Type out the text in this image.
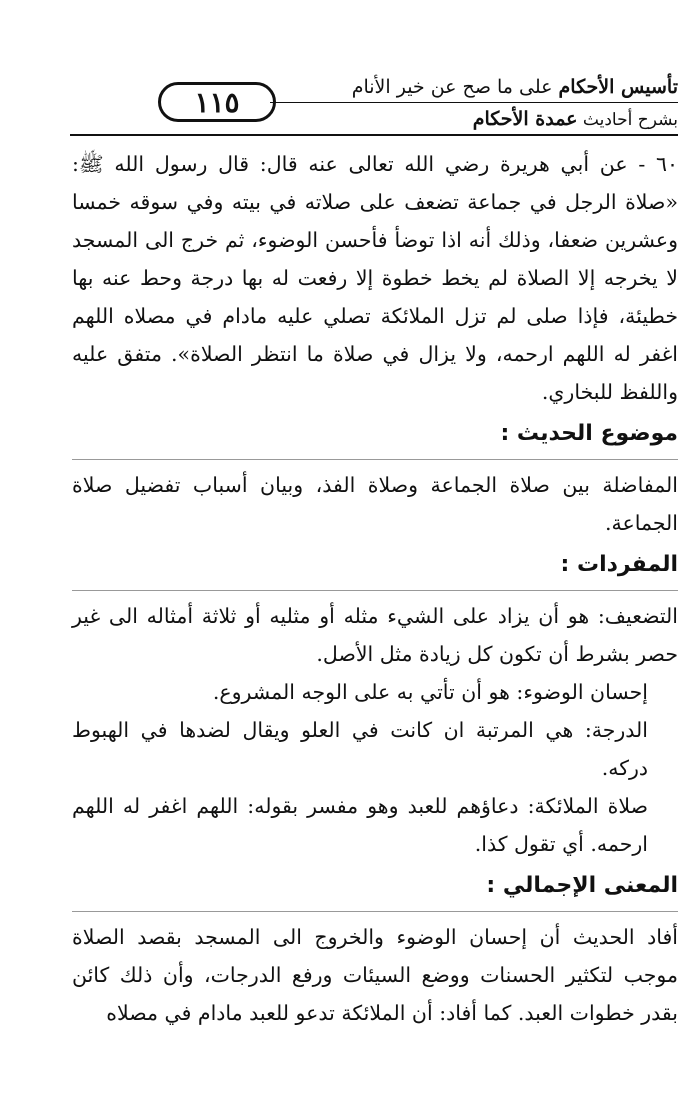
١١٥	تأسيس الأحكام على ما صح عن خير الأنام
بشرح أحاديث عمدة الأحكام

٦٠ - عن أبي هريرة رضي الله تعالى عنه قال: قال رسول الله ﷺ: «صلاة الرجل في جماعة تضعف على صلاته في بيته وفي سوقه خمسا وعشرين ضعفا، وذلك أنه اذا توضأ فأحسن الوضوء، ثم خرج الى المسجد لا يخرجه إلا الصلاة لم يخط خطوة إلا رفعت له بها درجة وحط عنه بها خطيئة، فإذا صلى لم تزل الملائكة تصلي عليه مادام في مصلاه اللهم اغفر له اللهم ارحمه، ولا يزال في صلاة ما انتظر الصلاة». متفق عليه واللفظ للبخاري.

موضوع الحديث :

المفاضلة بين صلاة الجماعة وصلاة الفذ، وبيان أسباب تفضيل صلاة الجماعة.

المفردات :

التضعيف: هو أن يزاد على الشيء مثله أو مثليه أو ثلاثة أمثاله الى غير حصر بشرط أن تكون كل زيادة مثل الأصل.

إحسان الوضوء: هو أن تأتي به على الوجه المشروع.

الدرجة: هي المرتبة ان كانت في العلو ويقال لضدها في الهبوط دركه.

صلاة الملائكة: دعاؤهم للعبد وهو مفسر بقوله: اللهم اغفر له اللهم ارحمه. أي تقول كذا.

المعنى الإجمالي :

أفاد الحديث أن إحسان الوضوء والخروج الى المسجد بقصد الصلاة موجب لتكثير الحسنات ووضع السيئات ورفع الدرجات، وأن ذلك كائن بقدر خطوات العبد. كما أفاد: أن الملائكة تدعو للعبد مادام في مصلاه
